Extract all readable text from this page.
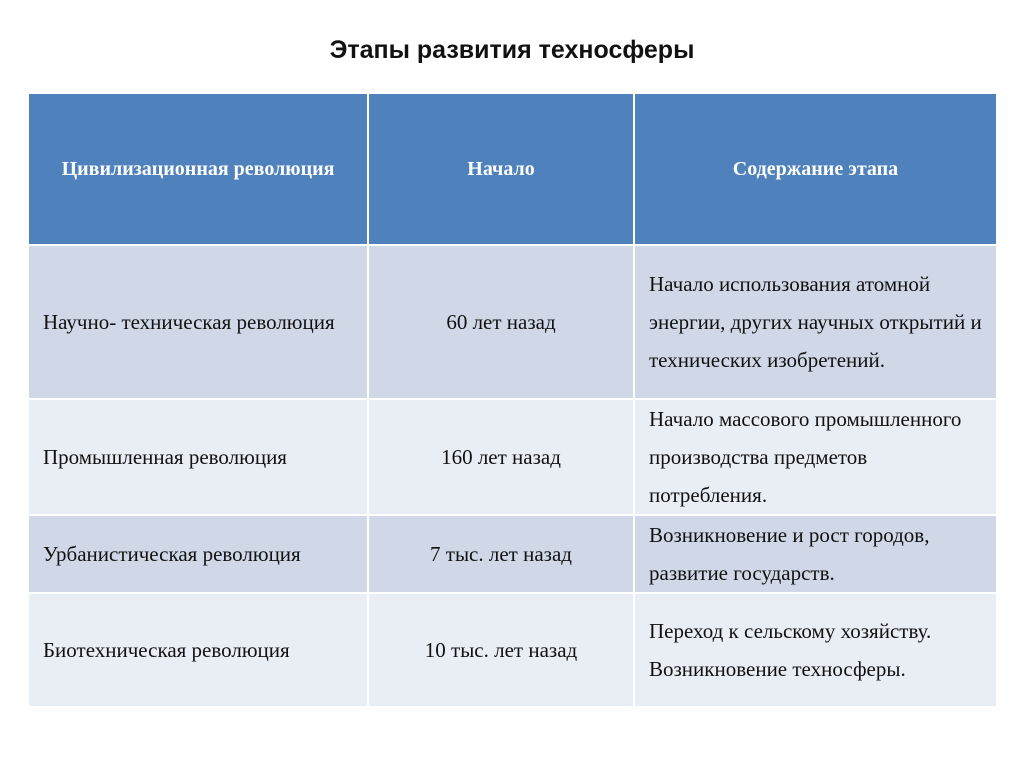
Этапы развития техносферы
Цивилизационная революция	Начало	Содержание этапа
Научно- техническая революция	60 лет назад	Начало использования атомной энергии, других научных открытий и технических изобретений.
Промышленная революция	160 лет назад	Начало массового промышленного производства предметов потребления.
Урбанистическая революция	7 тыс. лет назад	Возникновение и рост городов, развитие государств.
Биотехническая революция	10 тыс. лет назад	Переход к сельскому хозяйству. Возникновение техносферы.
